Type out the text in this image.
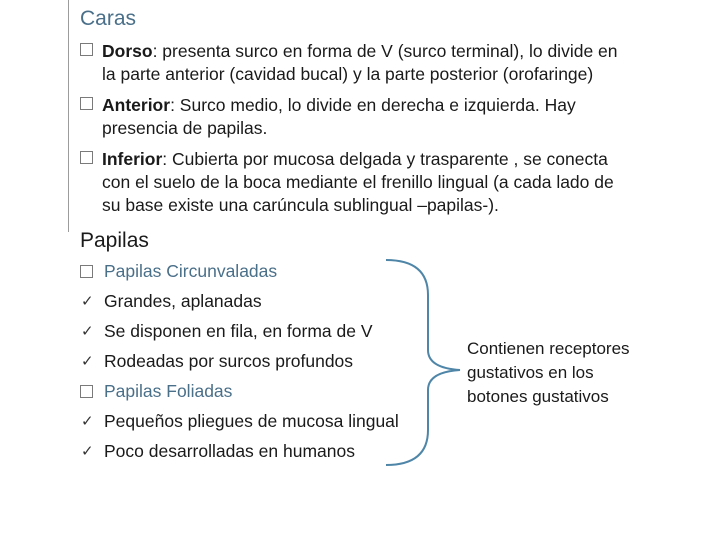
Caras
Dorso: presenta surco en forma de V (surco terminal), lo divide en
la parte anterior (cavidad bucal) y la parte posterior (orofaringe)
Anterior: Surco medio, lo divide en derecha e izquierda. Hay
presencia de papilas.
Inferior: Cubierta por mucosa delgada y trasparente , se conecta
con el suelo de la boca mediante el frenillo lingual (a cada lado de
su base existe una carúncula sublingual –papilas-).
Papilas
Papilas Circunvaladas
✓ Grandes, aplanadas
✓ Se disponen en fila, en forma de V
✓ Rodeadas por surcos profundos
Papilas Foliadas
✓ Pequeños pliegues de mucosa lingual
✓ Poco desarrolladas en humanos
Contienen receptores
gustativos en los
botones gustativos
